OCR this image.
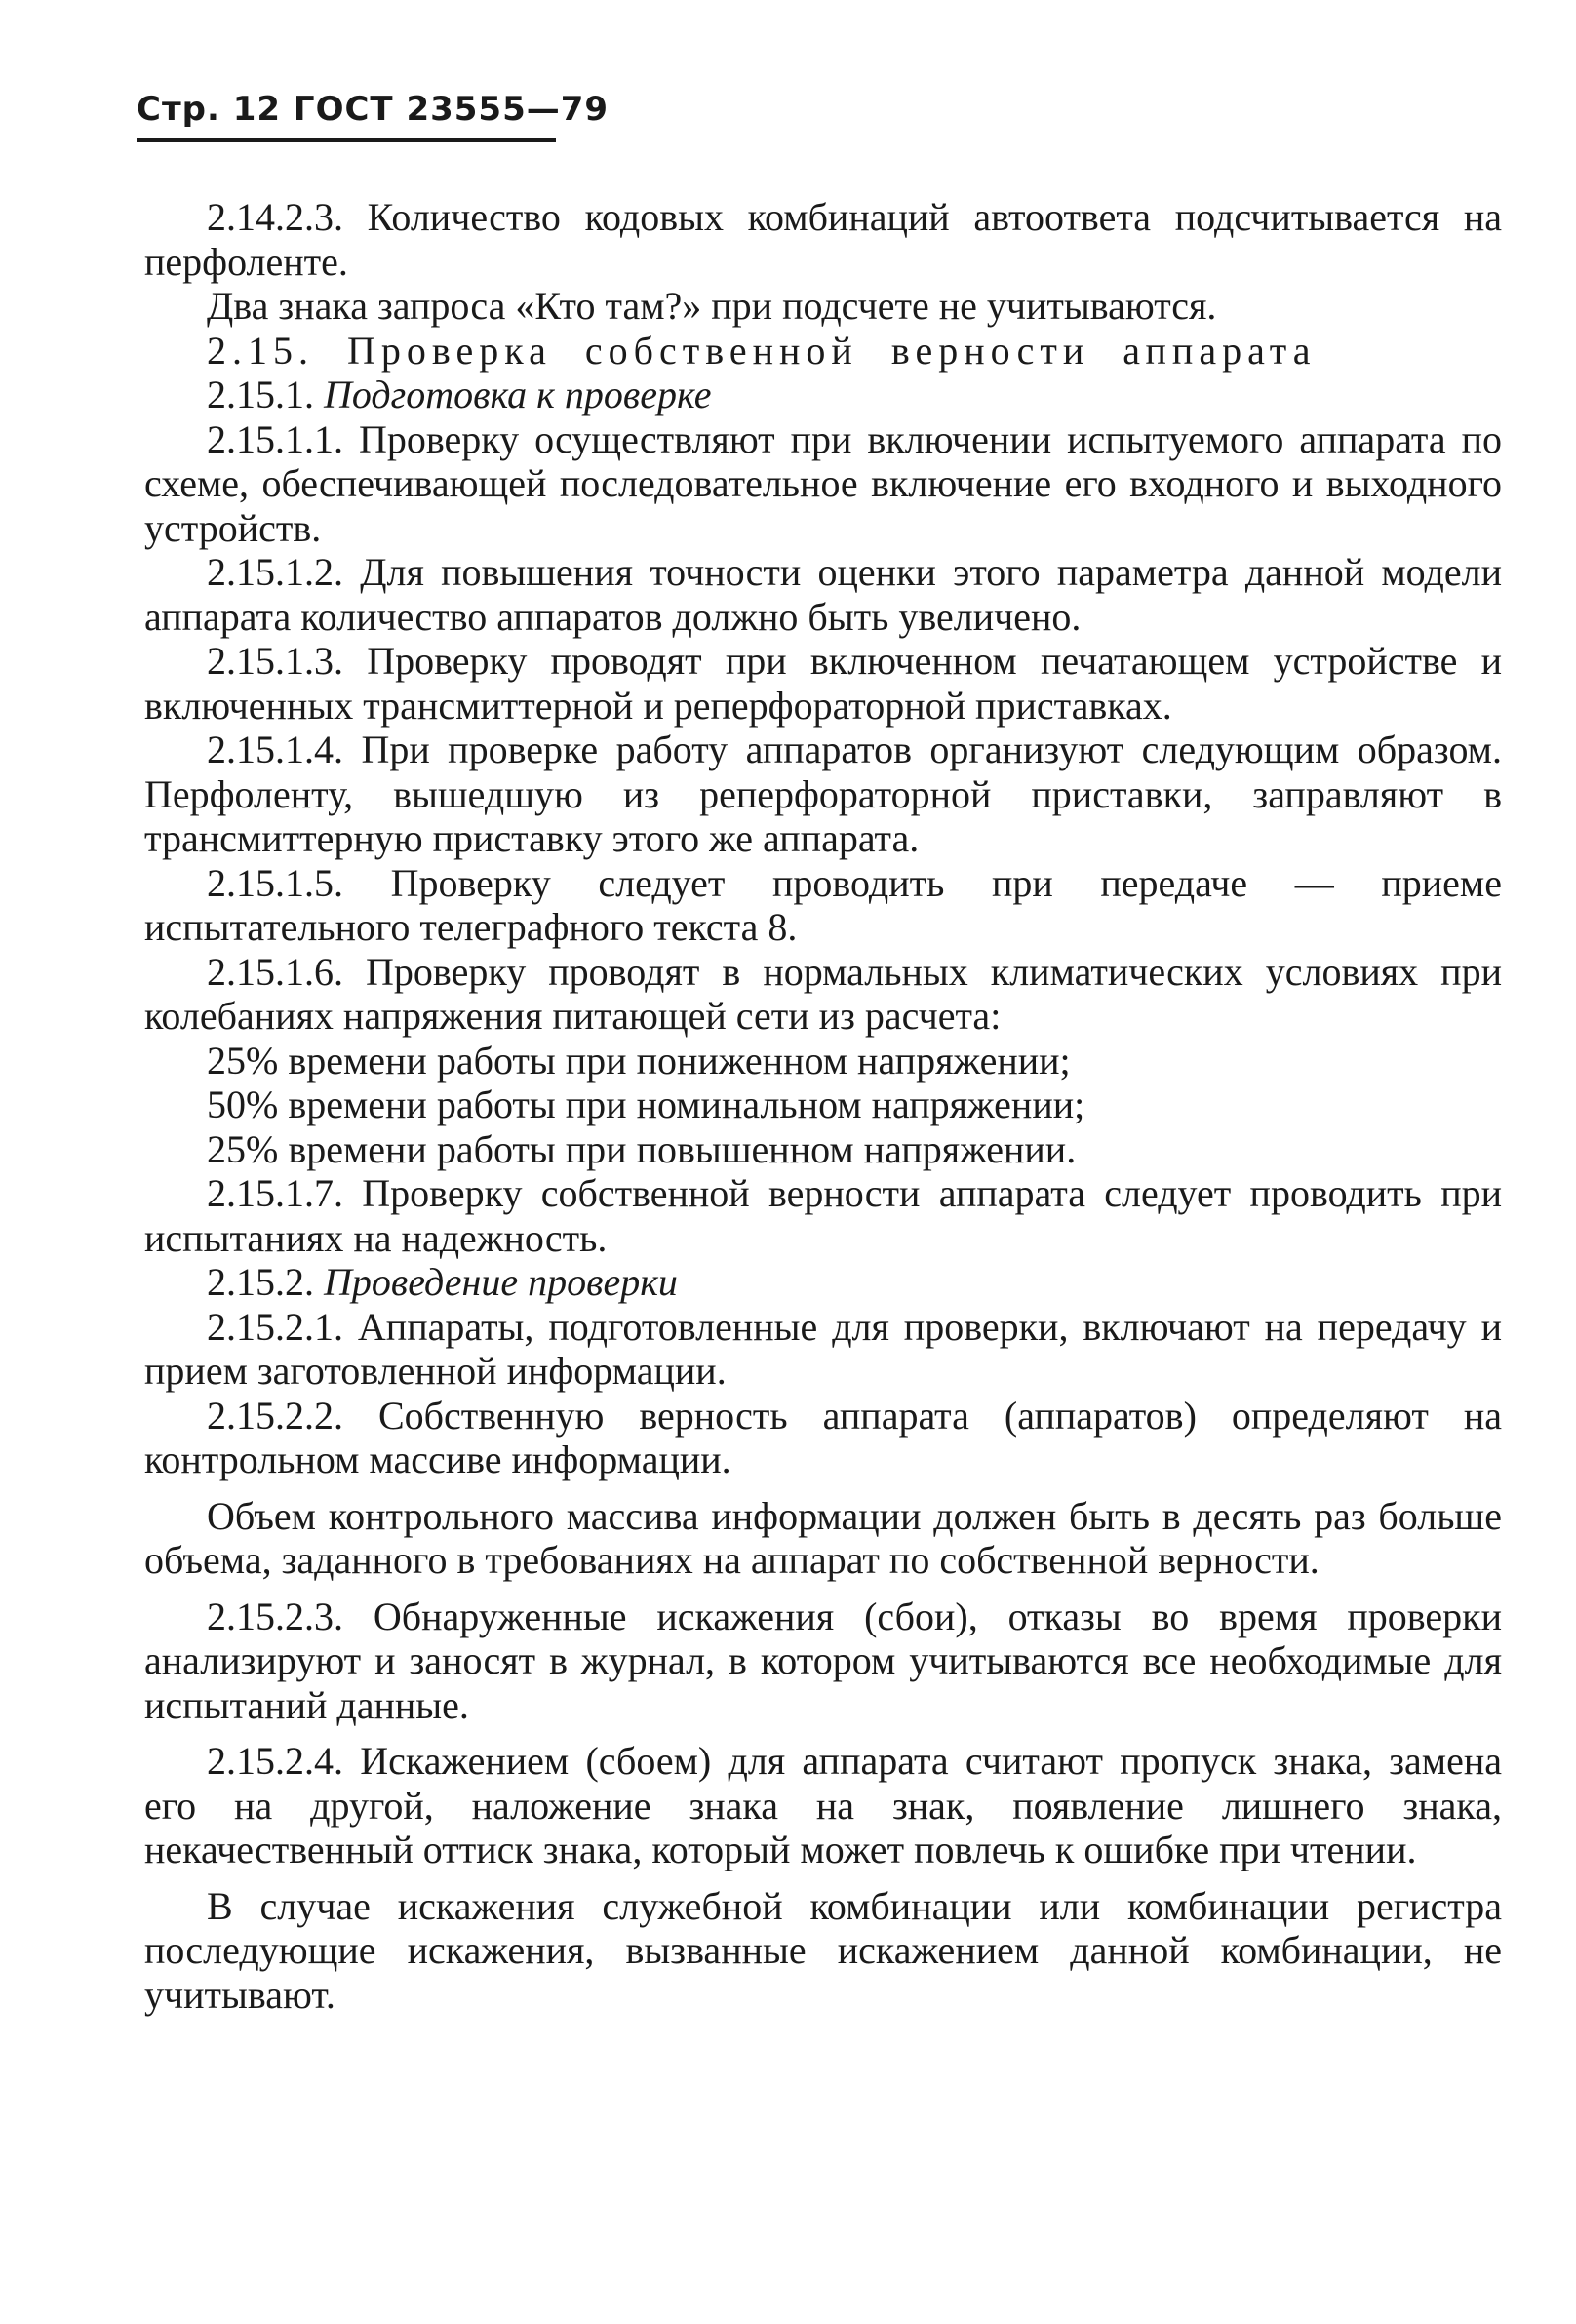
Стр. 12 ГОСТ 23555—79

2.14.2.3. Количество кодовых комбинаций автоответа подсчитывается на перфоленте.

Два знака запроса «Кто там?» при подсчете не учитываются.

2.15. Проверка собственной верности аппарата

2.15.1. Подготовка к проверке

2.15.1.1. Проверку осуществляют при включении испытуемого аппарата по схеме, обеспечивающей последовательное включение его входного и выходного устройств.

2.15.1.2. Для повышения точности оценки этого параметра данной модели аппарата количество аппаратов должно быть увеличено.

2.15.1.3. Проверку проводят при включенном печатающем устройстве и включенных трансмиттерной и реперфораторной приставках.

2.15.1.4. При проверке работу аппаратов организуют следующим образом. Перфоленту, вышедшую из реперфораторной приставки, заправляют в трансмиттерную приставку этого же аппарата.

2.15.1.5. Проверку следует проводить при передаче — приеме испытательного телеграфного текста 8.

2.15.1.6. Проверку проводят в нормальных климатических условиях при колебаниях напряжения питающей сети из расчета:

25% времени работы при пониженном напряжении;

50% времени работы при номинальном напряжении;

25% времени работы при повышенном напряжении.

2.15.1.7. Проверку собственной верности аппарата следует проводить при испытаниях на надежность.

2.15.2. Проведение проверки

2.15.2.1. Аппараты, подготовленные для проверки, включают на передачу и прием заготовленной информации.

2.15.2.2. Собственную верность аппарата (аппаратов) определяют на контрольном массиве информации.

Объем контрольного массива информации должен быть в десять раз больше объема, заданного в требованиях на аппарат по собственной верности.

2.15.2.3. Обнаруженные искажения (сбои), отказы во время проверки анализируют и заносят в журнал, в котором учитываются все необходимые для испытаний данные.

2.15.2.4. Искажением (сбоем) для аппарата считают пропуск знака, замена его на другой, наложение знака на знак, появление лишнего знака, некачественный оттиск знака, который может повлечь к ошибке при чтении.

В случае искажения служебной комбинации или комбинации регистра последующие искажения, вызванные искажением данной комбинации, не учитывают.
